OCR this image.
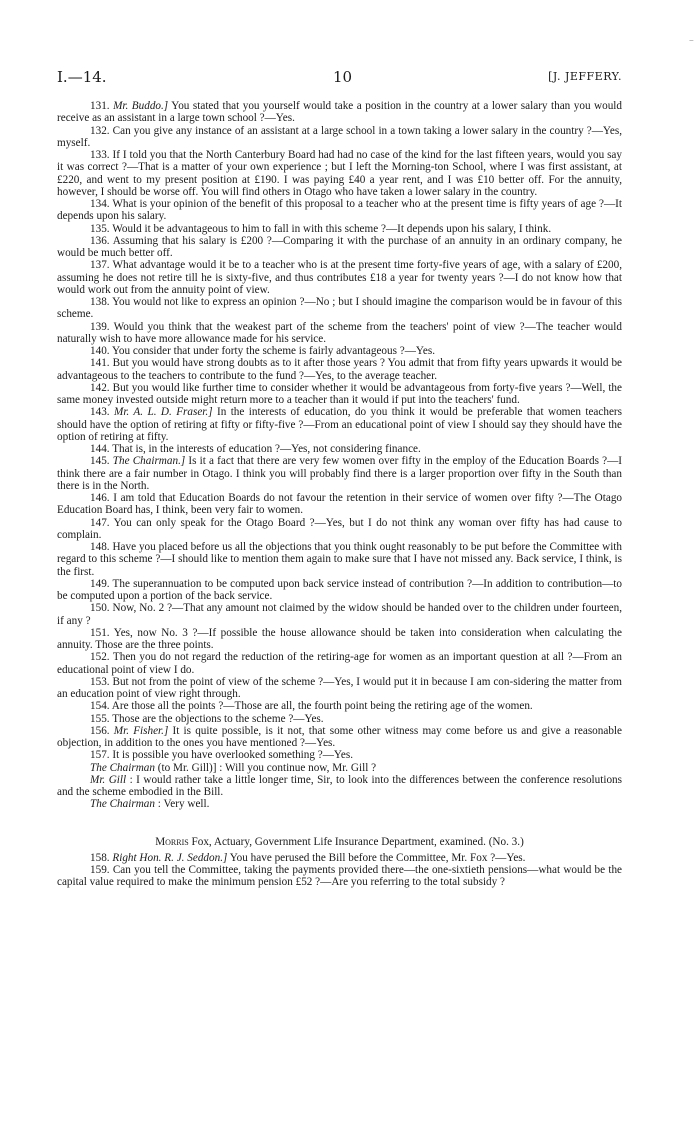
I.—14.	10	[J. JEFFERY.

131. Mr. Buddo.] You stated that you yourself would take a position in the country at a lower salary than you would receive as an assistant in a large town school ?—Yes.

132. Can you give any instance of an assistant at a large school in a town taking a lower salary in the country ?—Yes, myself.

133. If I told you that the North Canterbury Board had had no case of the kind for the last fifteen years, would you say it was correct ?—That is a matter of your own experience ; but I left the Morning-ton School, where I was first assistant, at £220, and went to my present position at £190. I was paying £40 a year rent, and I was £10 better off. For the annuity, however, I should be worse off. You will find others in Otago who have taken a lower salary in the country.

134. What is your opinion of the benefit of this proposal to a teacher who at the present time is fifty years of age ?—It depends upon his salary.

135. Would it be advantageous to him to fall in with this scheme ?—It depends upon his salary, I think.

136. Assuming that his salary is £200 ?—Comparing it with the purchase of an annuity in an ordinary company, he would be much better off.

137. What advantage would it be to a teacher who is at the present time forty-five years of age, with a salary of £200, assuming he does not retire till he is sixty-five, and thus contributes £18 a year for twenty years ?—I do not know how that would work out from the annuity point of view.

138. You would not like to express an opinion ?—No ; but I should imagine the comparison would be in favour of this scheme.

139. Would you think that the weakest part of the scheme from the teachers' point of view ?—The teacher would naturally wish to have more allowance made for his service.

140. You consider that under forty the scheme is fairly advantageous ?—Yes.

141. But you would have strong doubts as to it after those years ? You admit that from fifty years upwards it would be advantageous to the teachers to contribute to the fund ?—Yes, to the average teacher.

142. But you would like further time to consider whether it would be advantageous from forty-five years ?—Well, the same money invested outside might return more to a teacher than it would if put into the teachers' fund.

143. Mr. A. L. D. Fraser.] In the interests of education, do you think it would be preferable that women teachers should have the option of retiring at fifty or fifty-five ?—From an educational point of view I should say they should have the option of retiring at fifty.

144. That is, in the interests of education ?—Yes, not considering finance.

145. The Chairman.] Is it a fact that there are very few women over fifty in the employ of the Education Boards ?—I think there are a fair number in Otago. I think you will probably find there is a larger proportion over fifty in the South than there is in the North.

146. I am told that Education Boards do not favour the retention in their service of women over fifty ?—The Otago Education Board has, I think, been very fair to women.

147. You can only speak for the Otago Board ?—Yes, but I do not think any woman over fifty has had cause to complain.

148. Have you placed before us all the objections that you think ought reasonably to be put before the Committee with regard to this scheme ?—I should like to mention them again to make sure that I have not missed any. Back service, I think, is the first.

149. The superannuation to be computed upon back service instead of contribution ?—In addition to contribution—to be computed upon a portion of the back service.

150. Now, No. 2 ?—That any amount not claimed by the widow should be handed over to the children under fourteen, if any ?

151. Yes, now No. 3 ?—If possible the house allowance should be taken into consideration when calculating the annuity. Those are the three points.

152. Then you do not regard the reduction of the retiring-age for women as an important question at all ?—From an educational point of view I do.

153. But not from the point of view of the scheme ?—Yes, I would put it in because I am con-sidering the matter from an education point of view right through.

154. Are those all the points ?—Those are all, the fourth point being the retiring age of the women.

155. Those are the objections to the scheme ?—Yes.

156. Mr. Fisher.] It is quite possible, is it not, that some other witness may come before us and give a reasonable objection, in addition to the ones you have mentioned ?—Yes.

157. It is possible you have overlooked something ?—Yes.

The Chairman (to Mr. Gill)] : Will you continue now, Mr. Gill ?

Mr. Gill : I would rather take a little longer time, Sir, to look into the differences between the conference resolutions and the scheme embodied in the Bill.

The Chairman : Very well.

Morris Fox, Actuary, Government Life Insurance Department, examined. (No. 3.)

158. Right Hon. R. J. Seddon.] You have perused the Bill before the Committee, Mr. Fox ?—Yes.

159. Can you tell the Committee, taking the payments provided there—the one-sixtieth pensions—what would be the capital value required to make the minimum pension £52 ?—Are you referring to the total subsidy ?

⁻
